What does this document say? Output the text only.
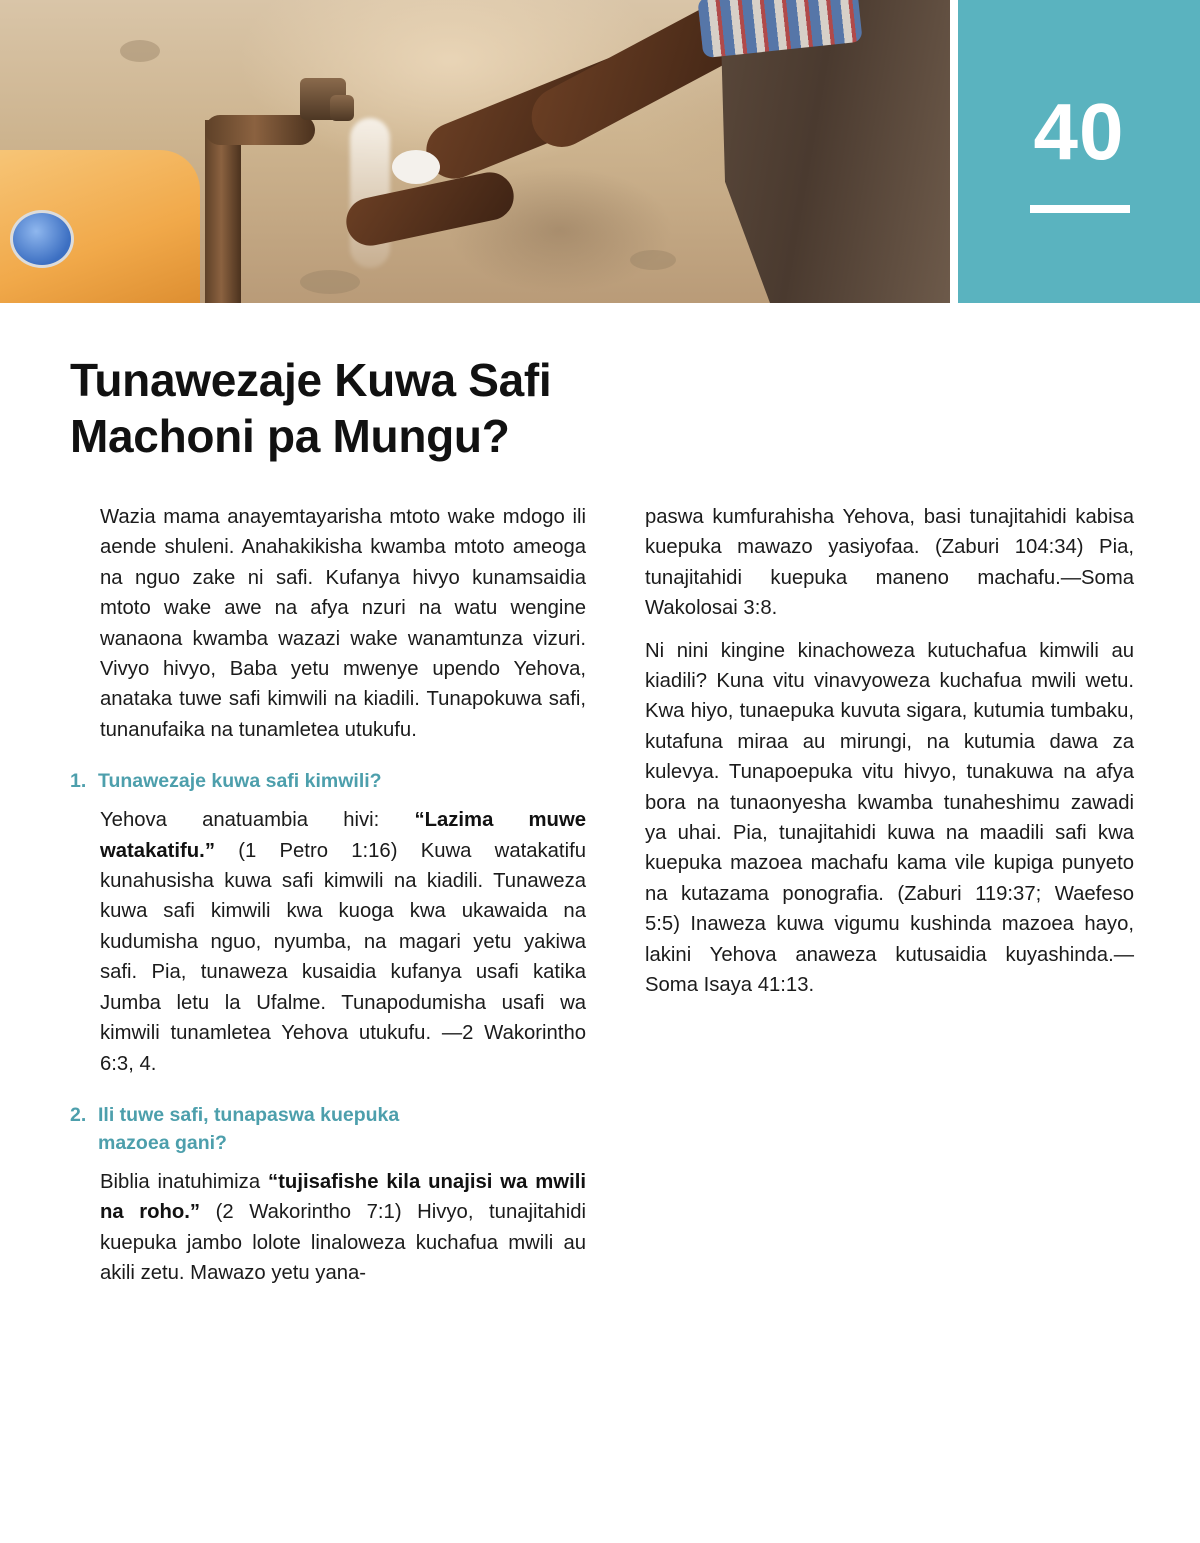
40
Tunawezaje Kuwa Safi Machoni pa Mungu?

Wazia mama anayemtayarisha mtoto wake mdogo ili aende shuleni. Anahakikisha kwamba mtoto ameoga na nguo zake ni safi. Kufanya hivyo kunamsaidia mtoto wake awe na afya nzuri na watu wengine wanaona kwamba wazazi wake wanamtunza vizuri. Vivyo hivyo, Baba yetu mwenye upendo Yehova, anataka tuwe safi kimwili na kiadili. Tunapokuwa safi, tunanufaika na tunamletea utukufu.

1. Tunawezaje kuwa safi kimwili?

Yehova anatuambia hivi: “Lazima muwe watakatifu.” (1 Petro 1:16) Kuwa watakatifu kunahusisha kuwa safi kimwili na kiadili. Tunaweza kuwa safi kimwili kwa kuoga kwa ukawaida na kudumisha nguo, nyumba, na magari yetu yakiwa safi. Pia, tunaweza kusaidia kufanya usafi katika Jumba letu la Ufalme. Tunapodumisha usafi wa kimwili tunamletea Yehova utukufu. —2 Wakorintho 6:3, 4.

2. Ili tuwe safi, tunapaswa kuepuka mazoea gani?

Biblia inatuhimiza “tujisafishe kila unajisi wa mwili na roho.” (2 Wakorintho 7:1) Hivyo, tunajitahidi kuepuka jambo lolote linaloweza kuchafua mwili au akili zetu. Mawazo yetu yana-

paswa kumfurahisha Yehova, basi tunajitahidi kabisa kuepuka mawazo yasiyofaa. (Zaburi 104:34) Pia, tunajitahidi kuepuka maneno machafu.—Soma Wakolosai 3:8.

Ni nini kingine kinachoweza kutuchafua kimwili au kiadili? Kuna vitu vinavyoweza kuchafua mwili wetu. Kwa hiyo, tunaepuka kuvuta sigara, kutumia tumbaku, kutafuna miraa au mirungi, na kutumia dawa za kulevya. Tunapoepuka vitu hivyo, tunakuwa na afya bora na tunaonyesha kwamba tunaheshimu zawadi ya uhai. Pia, tunajitahidi kuwa na maadili safi kwa kuepuka mazoea machafu kama vile kupiga punyeto na kutazama ponografia. (Zaburi 119:37; Waefeso 5:5) Inaweza kuwa vigumu kushinda mazoea hayo, lakini Yehova anaweza kutusaidia kuyashinda.—Soma Isaya 41:13.
